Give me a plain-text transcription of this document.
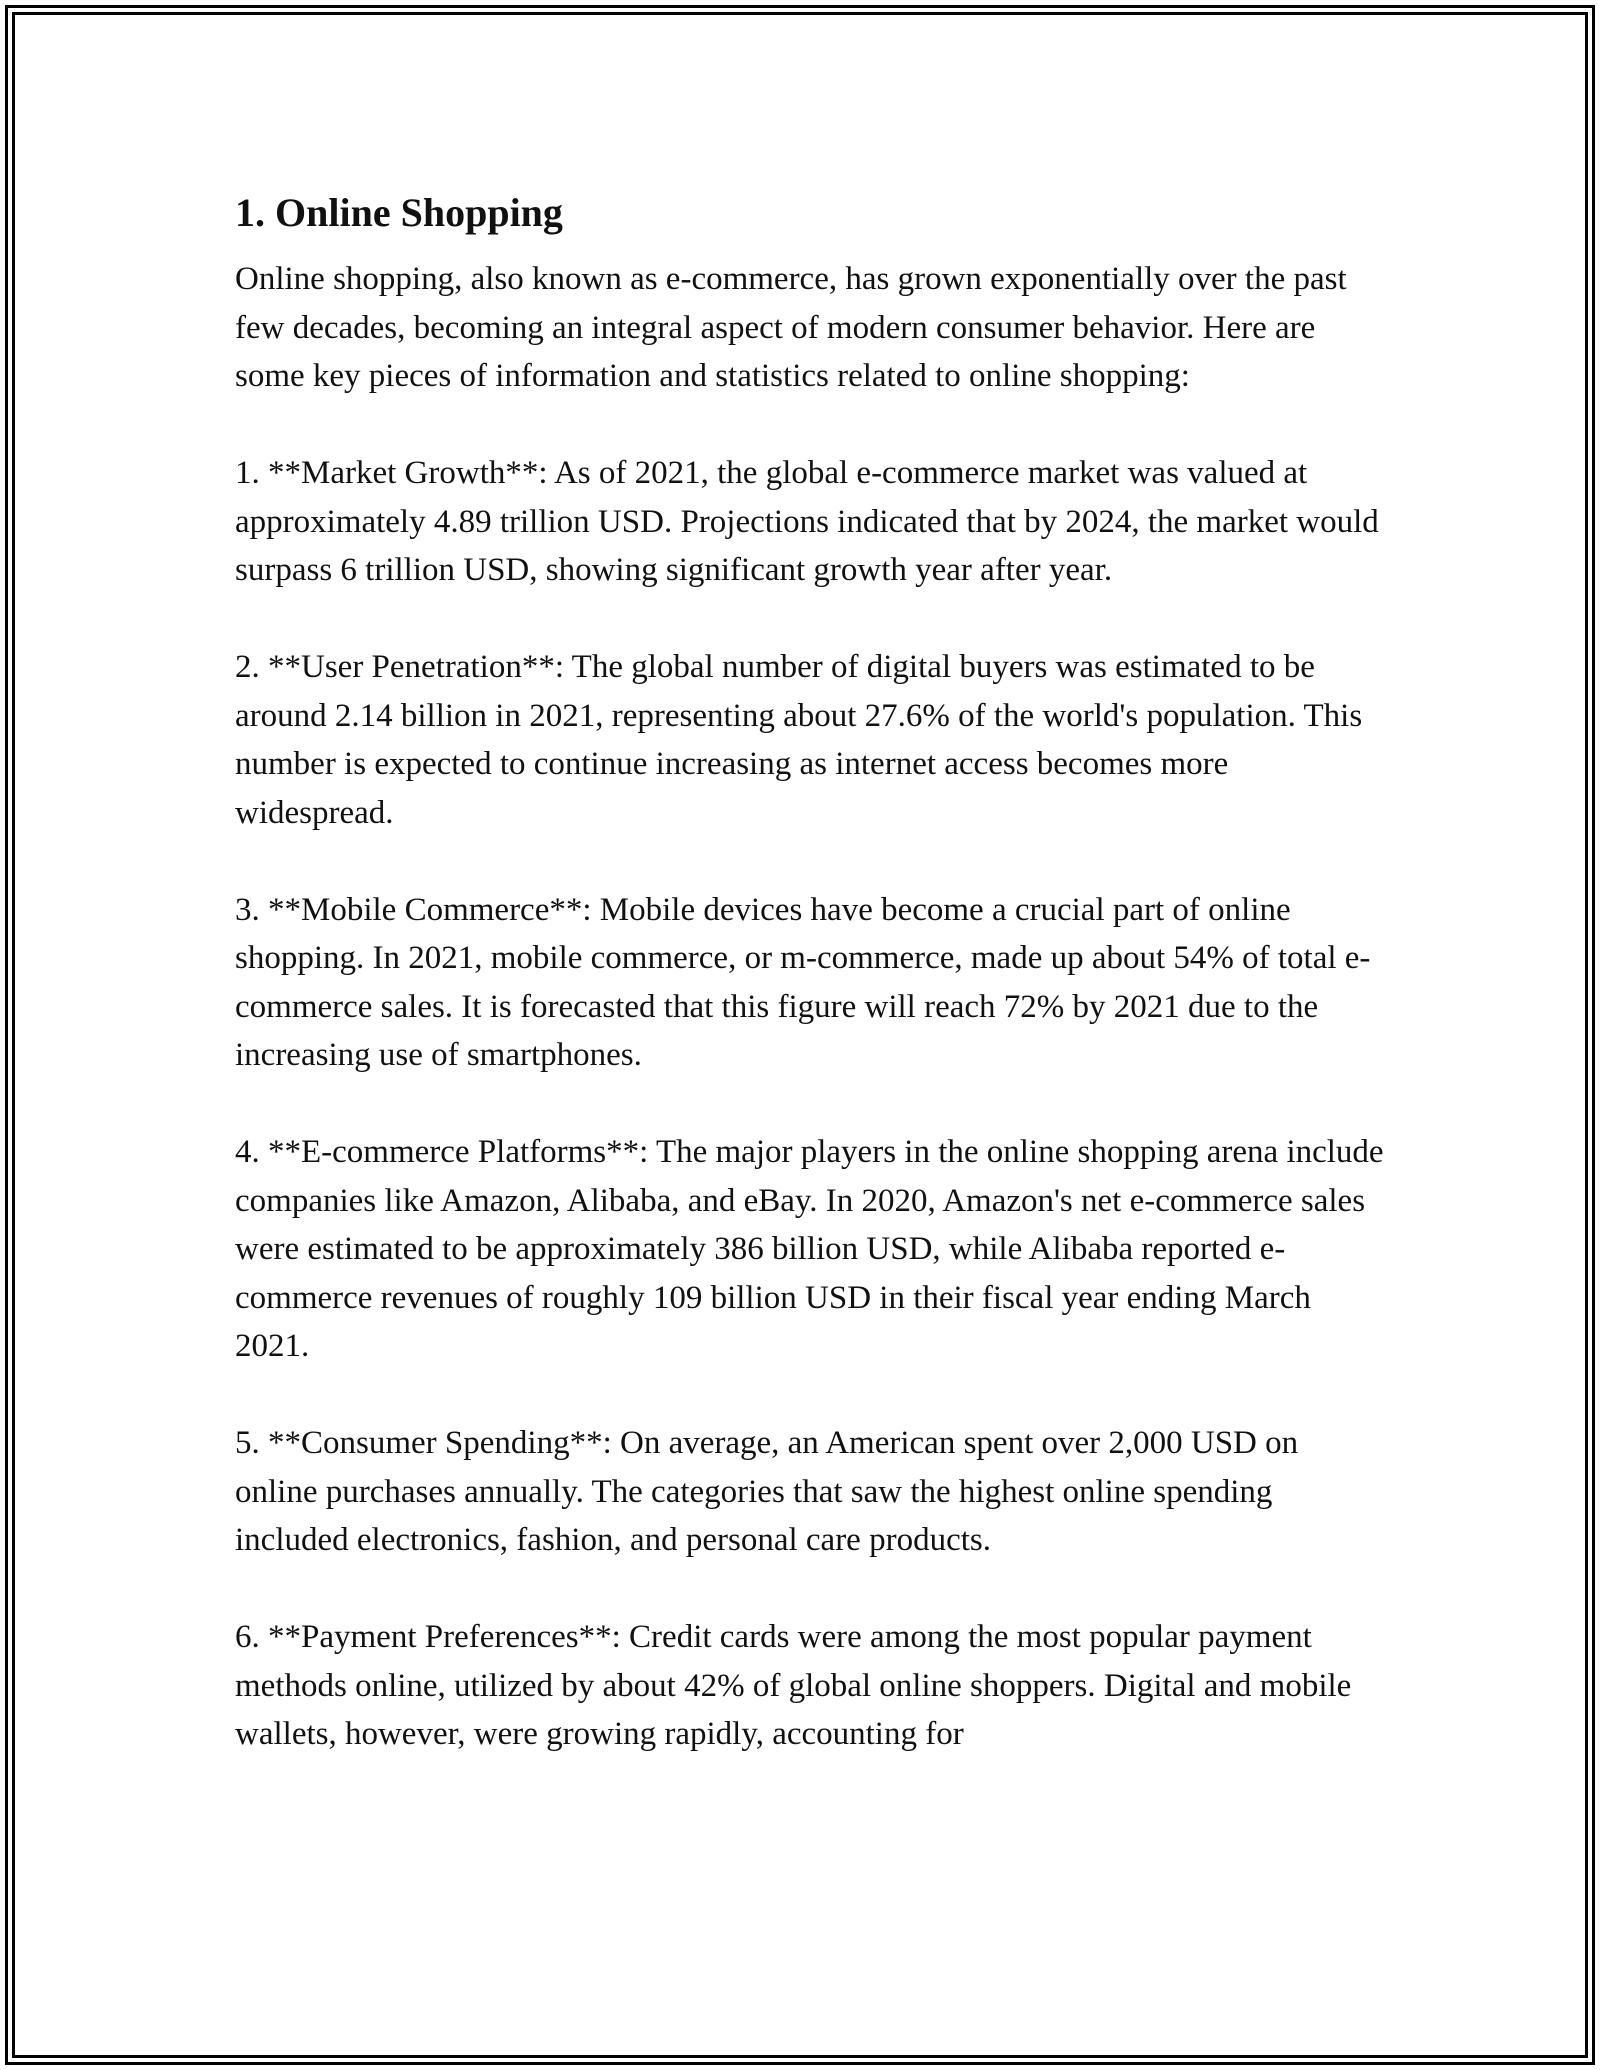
1. Online Shopping

Online shopping, also known as e-commerce, has grown exponentially over the past few decades, becoming an integral aspect of modern consumer behavior. Here are some key pieces of information and statistics related to online shopping:

1. **Market Growth**: As of 2021, the global e-commerce market was valued at approximately 4.89 trillion USD. Projections indicated that by 2024, the market would surpass 6 trillion USD, showing significant growth year after year.

2. **User Penetration**: The global number of digital buyers was estimated to be around 2.14 billion in 2021, representing about 27.6% of the world's population. This number is expected to continue increasing as internet access becomes more widespread.

3. **Mobile Commerce**: Mobile devices have become a crucial part of online shopping. In 2021, mobile commerce, or m-commerce, made up about 54% of total e-commerce sales. It is forecasted that this figure will reach 72% by 2021 due to the increasing use of smartphones.

4. **E-commerce Platforms**: The major players in the online shopping arena include companies like Amazon, Alibaba, and eBay. In 2020, Amazon's net e-commerce sales were estimated to be approximately 386 billion USD, while Alibaba reported e-commerce revenues of roughly 109 billion USD in their fiscal year ending March 2021.

5. **Consumer Spending**: On average, an American spent over 2,000 USD on online purchases annually. The categories that saw the highest online spending included electronics, fashion, and personal care products.

6. **Payment Preferences**: Credit cards were among the most popular payment methods online, utilized by about 42% of global online shoppers. Digital and mobile wallets, however, were growing rapidly, accounting for
